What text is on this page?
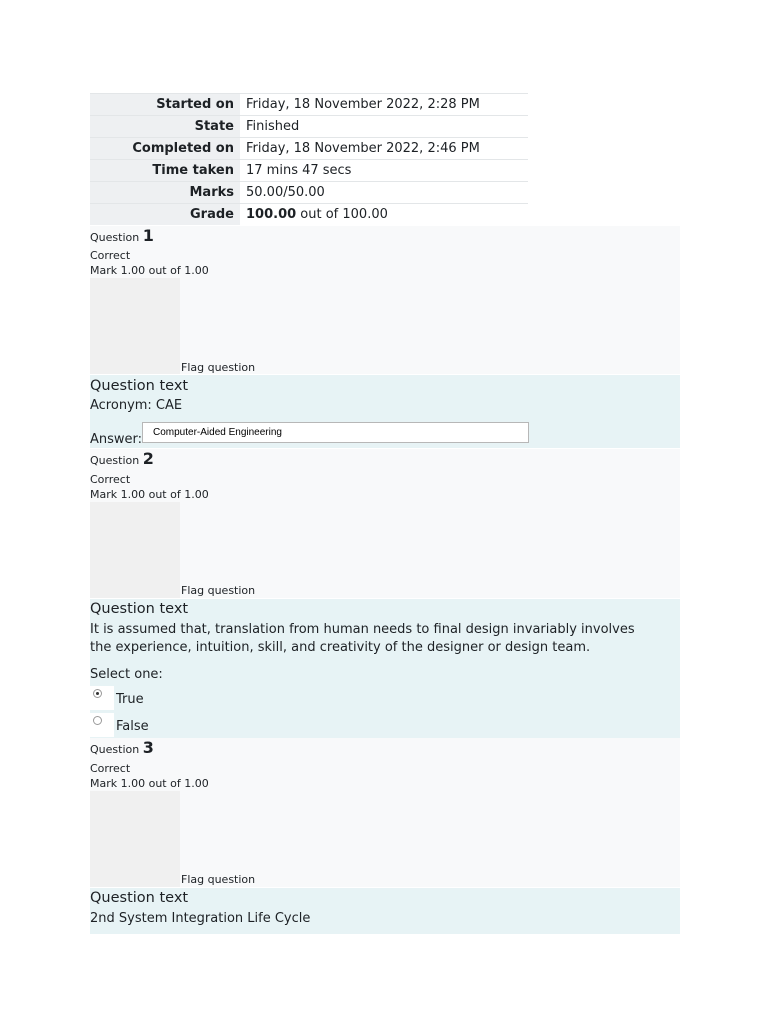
Started on	Friday, 18 November 2022, 2:28 PM
State	Finished
Completed on	Friday, 18 November 2022, 2:46 PM
Time taken	17 mins 47 secs
Marks	50.00/50.00
Grade	100.00 out of 100.00
Question 1
Correct
Mark 1.00 out of 1.00
Flag question
Question text
Acronym: CAE
Answer:
Computer-Aided Engineering
Question 2
Correct
Mark 1.00 out of 1.00
Flag question
Question text
It is assumed that, translation from human needs to final design invariably involves the experience, intuition, skill, and creativity of the designer or design team.
Select one:
True
False
Question 3
Correct
Mark 1.00 out of 1.00
Flag question
Question text
2nd System Integration Life Cycle
